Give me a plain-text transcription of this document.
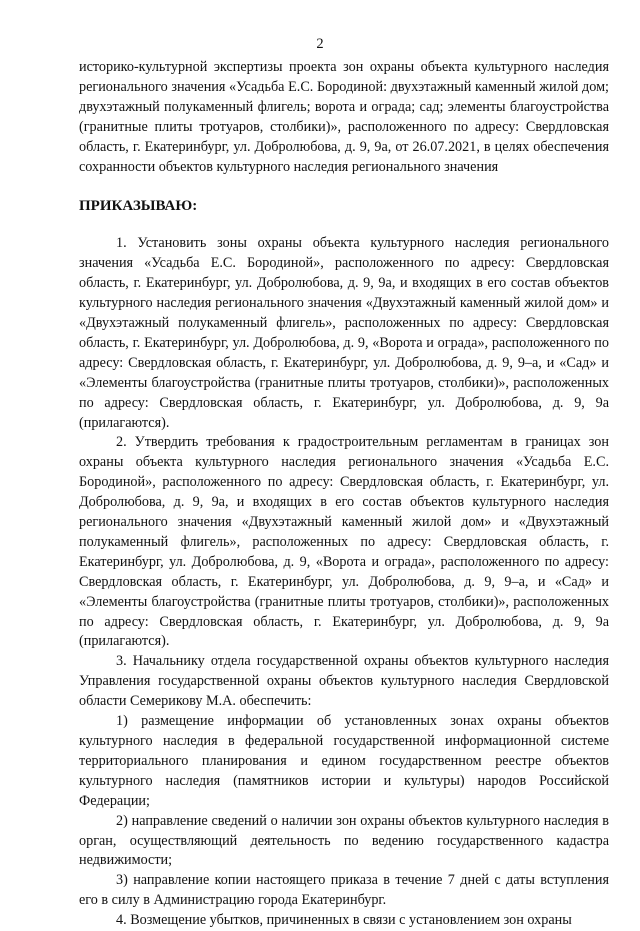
2

историко-культурной экспертизы проекта зон охраны объекта культурного наследия регионального значения «Усадьба Е.С. Бородиной: двухэтажный каменный жилой дом; двухэтажный полукаменный флигель; ворота и ограда; сад; элементы благоустройства (гранитные плиты тротуаров, столбики)», расположенного по адресу: Свердловская область, г. Екатеринбург, ул. Добролюбова, д. 9, 9а, от 26.07.2021, в целях обеспечения сохранности объектов культурного наследия регионального значения

ПРИКАЗЫВАЮ:

1. Установить зоны охраны объекта культурного наследия регионального значения «Усадьба Е.С. Бородиной», расположенного по адресу: Свердловская область, г. Екатеринбург, ул. Добролюбова, д. 9, 9а, и входящих в его состав объектов культурного наследия регионального значения «Двухэтажный каменный жилой дом» и «Двухэтажный полукаменный флигель», расположенных по адресу: Свердловская область, г. Екатеринбург, ул. Добролюбова, д. 9, «Ворота и ограда», расположенного по адресу: Свердловская область, г. Екатеринбург, ул. Добролюбова, д. 9, 9–а, и «Сад» и «Элементы благоустройства (гранитные плиты тротуаров, столбики)», расположенных по адресу: Свердловская область, г. Екатеринбург, ул. Добролюбова, д. 9, 9а (прилагаются).

2. Утвердить требования к градостроительным регламентам в границах зон охраны объекта культурного наследия регионального значения «Усадьба Е.С. Бородиной», расположенного по адресу: Свердловская область, г. Екатеринбург, ул. Добролюбова, д. 9, 9а, и входящих в его состав объектов культурного наследия регионального значения «Двухэтажный каменный жилой дом» и «Двухэтажный полукаменный флигель», расположенных по адресу: Свердловская область, г. Екатеринбург, ул. Добролюбова, д. 9, «Ворота и ограда», расположенного по адресу: Свердловская область, г. Екатеринбург, ул. Добролюбова, д. 9, 9–а, и «Сад» и «Элементы благоустройства (гранитные плиты тротуаров, столбики)», расположенных по адресу: Свердловская область, г. Екатеринбург, ул. Добролюбова, д. 9, 9а (прилагаются).

3. Начальнику отдела государственной охраны объектов культурного наследия Управления государственной охраны объектов культурного наследия Свердловской области Семерикову М.А. обеспечить:

1) размещение информации об установленных зонах охраны объектов культурного наследия в федеральной государственной информационной системе территориального планирования и едином государственном реестре объектов культурного наследия (памятников истории и культуры) народов Российской Федерации;

2) направление сведений о наличии зон охраны объектов культурного наследия в орган, осуществляющий деятельность по ведению государственного кадастра недвижимости;

3) направление копии настоящего приказа в течение 7 дней с даты вступления его в силу в Администрацию города Екатеринбург.

4. Возмещение убытков, причиненных в связи с установлением зон охраны
